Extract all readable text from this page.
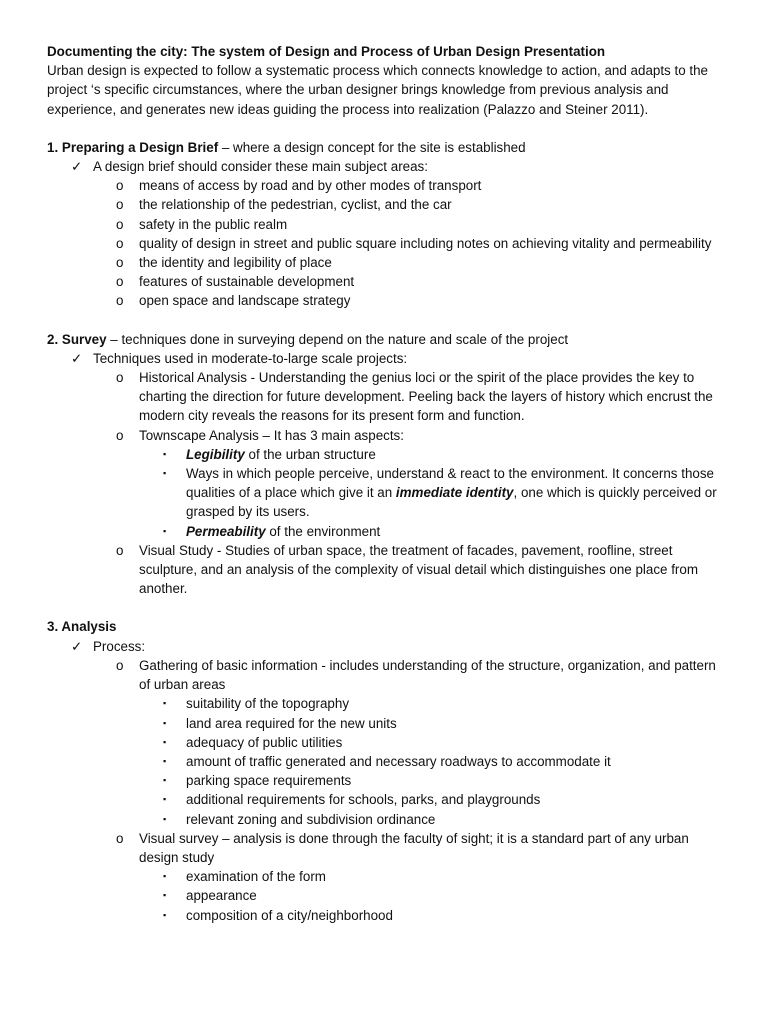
Documenting the city: The system of Design and Process of Urban Design Presentation

Urban design is expected to follow a systematic process which connects knowledge to action, and adapts to the project ‘s specific circumstances, where the urban designer brings knowledge from previous analysis and experience, and generates new ideas guiding the process into realization (Palazzo and Steiner 2011).

1. Preparing a Design Brief – where a design concept for the site is established

✓ A design brief should consider these main subject areas:
o	means of access by road and by other modes of transport
o	the relationship of the pedestrian, cyclist, and the car
o	safety in the public realm
o	quality of design in street and public square including notes on achieving vitality and permeability
o	the identity and legibility of place
o	features of sustainable development
o	open space and landscape strategy

2. Survey – techniques done in surveying depend on the nature and scale of the project

✓ Techniques used in moderate-to-large scale projects:
o	Historical Analysis - Understanding the genius loci or the spirit of the place provides the key to charting the direction for future development. Peeling back the layers of history which encrust the modern city reveals the reasons for its present form and function.
o	Townscape Analysis – It has 3 main aspects:
▪	Legibility of the urban structure
▪	Ways in which people perceive, understand & react to the environment. It concerns those qualities of a place which give it an immediate identity, one which is quickly perceived or grasped by its users.
▪	Permeability of the environment
o	Visual Study - Studies of urban space, the treatment of facades, pavement, roofline, street sculpture, and an analysis of the complexity of visual detail which distinguishes one place from another.

3. Analysis

✓ Process:
o	Gathering of basic information - includes understanding of the structure, organization, and pattern of urban areas
▪	suitability of the topography
▪	land area required for the new units
▪	adequacy of public utilities
▪	amount of traffic generated and necessary roadways to accommodate it
▪	parking space requirements
▪	additional requirements for schools, parks, and playgrounds
▪	relevant zoning and subdivision ordinance
o	Visual survey – analysis is done through the faculty of sight; it is a standard part of any urban design study
▪	examination of the form
▪	appearance
▪	composition of a city/neighborhood
